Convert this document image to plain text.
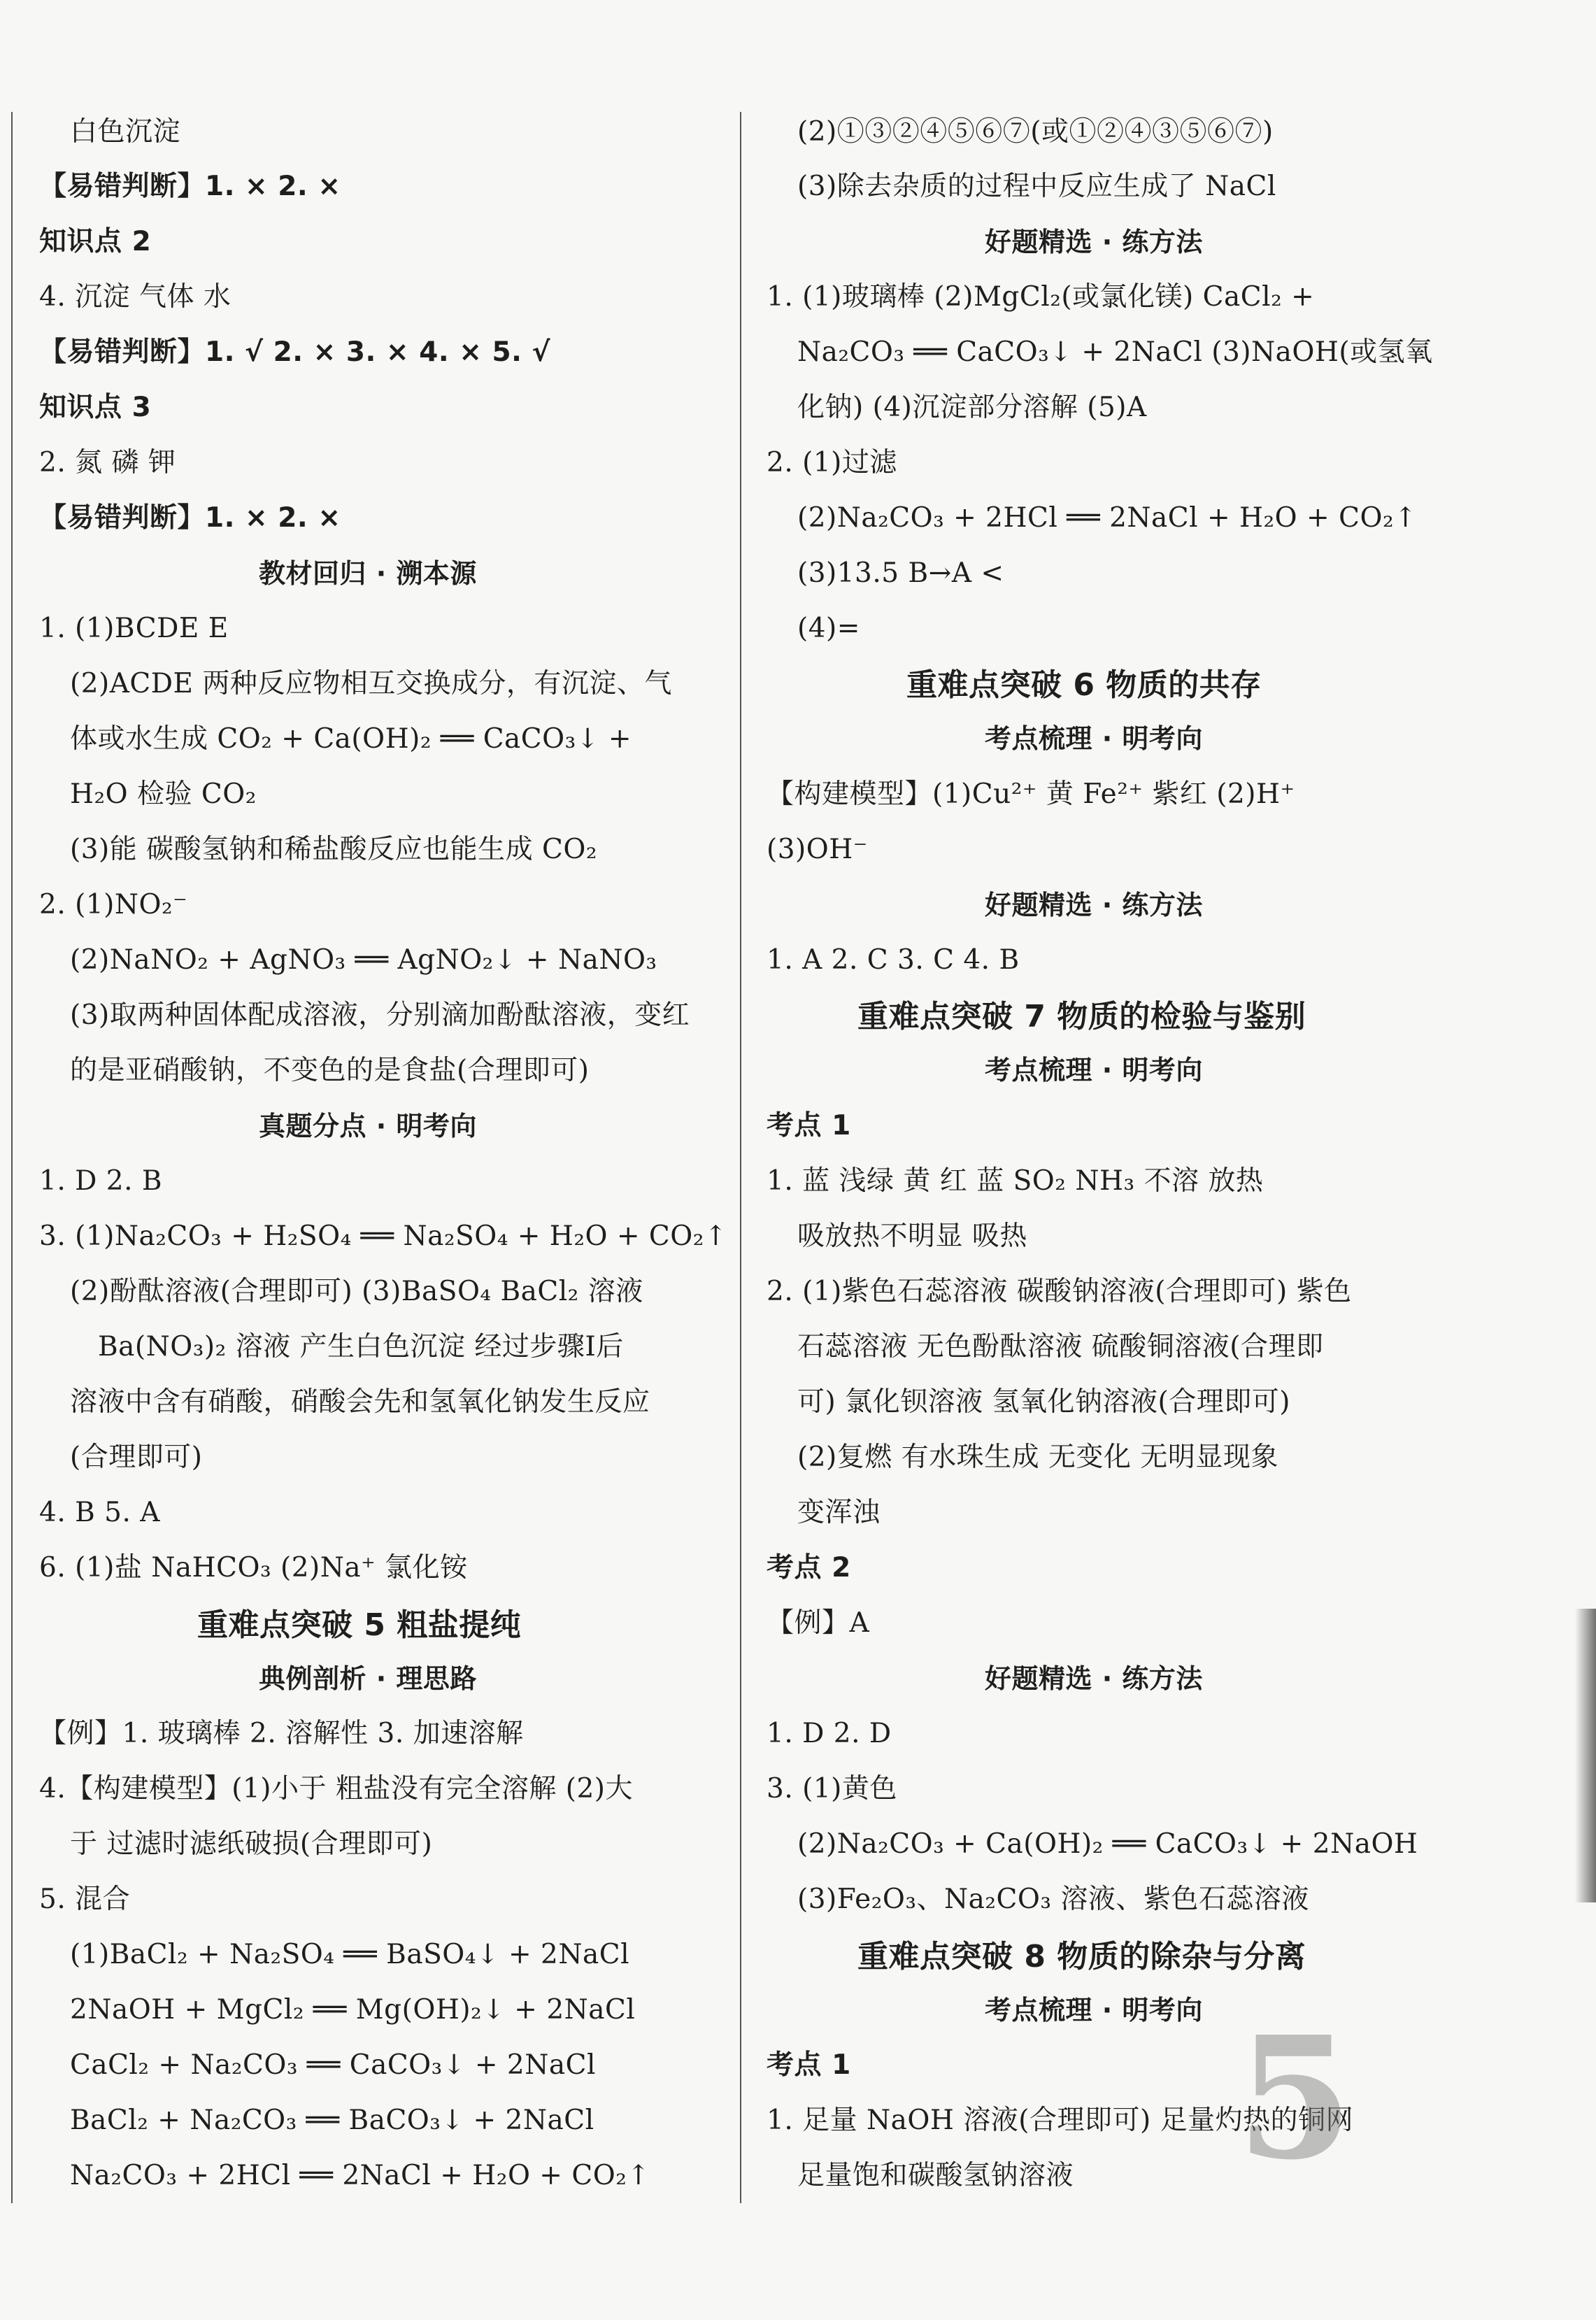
白色沉淀
【易错判断】1. × 2. ×
知识点 2
4. 沉淀 气体 水
【易错判断】1. √ 2. × 3. × 4. × 5. √
知识点 3
2. 氮 磷 钾
【易错判断】1. × 2. ×
教材回归 · 溯本源
1. (1)BCDE E
(2)ACDE 两种反应物相互交换成分，有沉淀、气
体或水生成 CO₂ + Ca(OH)₂ ══ CaCO₃↓ +
H₂O 检验 CO₂
(3)能 碳酸氢钠和稀盐酸反应也能生成 CO₂
2. (1)NO₂⁻
(2)NaNO₂ + AgNO₃ ══ AgNO₂↓ + NaNO₃
(3)取两种固体配成溶液，分别滴加酚酞溶液，变红
的是亚硝酸钠，不变色的是食盐(合理即可)
真题分点 · 明考向
1. D 2. B
3. (1)Na₂CO₃ + H₂SO₄ ══ Na₂SO₄ + H₂O + CO₂↑
(2)酚酞溶液(合理即可) (3)BaSO₄ BaCl₂ 溶液
Ba(NO₃)₂ 溶液 产生白色沉淀 经过步骤Ⅰ后
溶液中含有硝酸，硝酸会先和氢氧化钠发生反应
(合理即可)
4. B 5. A
6. (1)盐 NaHCO₃ (2)Na⁺ 氯化铵
重难点突破 5 粗盐提纯
典例剖析 · 理思路
【例】1. 玻璃棒 2. 溶解性 3. 加速溶解
4.【构建模型】(1)小于 粗盐没有完全溶解 (2)大
于 过滤时滤纸破损(合理即可)
5. 混合
(1)BaCl₂ + Na₂SO₄ ══ BaSO₄↓ + 2NaCl
2NaOH + MgCl₂ ══ Mg(OH)₂↓ + 2NaCl
CaCl₂ + Na₂CO₃ ══ CaCO₃↓ + 2NaCl
BaCl₂ + Na₂CO₃ ══ BaCO₃↓ + 2NaCl
Na₂CO₃ + 2HCl ══ 2NaCl + H₂O + CO₂↑
(2)①③②④⑤⑥⑦(或①②④③⑤⑥⑦)
(3)除去杂质的过程中反应生成了 NaCl
好题精选 · 练方法
1. (1)玻璃棒 (2)MgCl₂(或氯化镁) CaCl₂ +
Na₂CO₃ ══ CaCO₃↓ + 2NaCl (3)NaOH(或氢氧
化钠) (4)沉淀部分溶解 (5)A
2. (1)过滤
(2)Na₂CO₃ + 2HCl ══ 2NaCl + H₂O + CO₂↑
(3)13.5 B→A <
(4)=
重难点突破 6 物质的共存
考点梳理 · 明考向
【构建模型】(1)Cu²⁺ 黄 Fe²⁺ 紫红 (2)H⁺
(3)OH⁻
好题精选 · 练方法
1. A 2. C 3. C 4. B
重难点突破 7 物质的检验与鉴别
考点梳理 · 明考向
考点 1
1. 蓝 浅绿 黄 红 蓝 SO₂ NH₃ 不溶 放热
吸放热不明显 吸热
2. (1)紫色石蕊溶液 碳酸钠溶液(合理即可) 紫色
石蕊溶液 无色酚酞溶液 硫酸铜溶液(合理即
可) 氯化钡溶液 氢氧化钠溶液(合理即可)
(2)复燃 有水珠生成 无变化 无明显现象
变浑浊
考点 2
【例】A
好题精选 · 练方法
1. D 2. D
3. (1)黄色
(2)Na₂CO₃ + Ca(OH)₂ ══ CaCO₃↓ + 2NaOH
(3)Fe₂O₃、Na₂CO₃ 溶液、紫色石蕊溶液
重难点突破 8 物质的除杂与分离
考点梳理 · 明考向
考点 1
1. 足量 NaOH 溶液(合理即可) 足量灼热的铜网
足量饱和碳酸氢钠溶液 5
